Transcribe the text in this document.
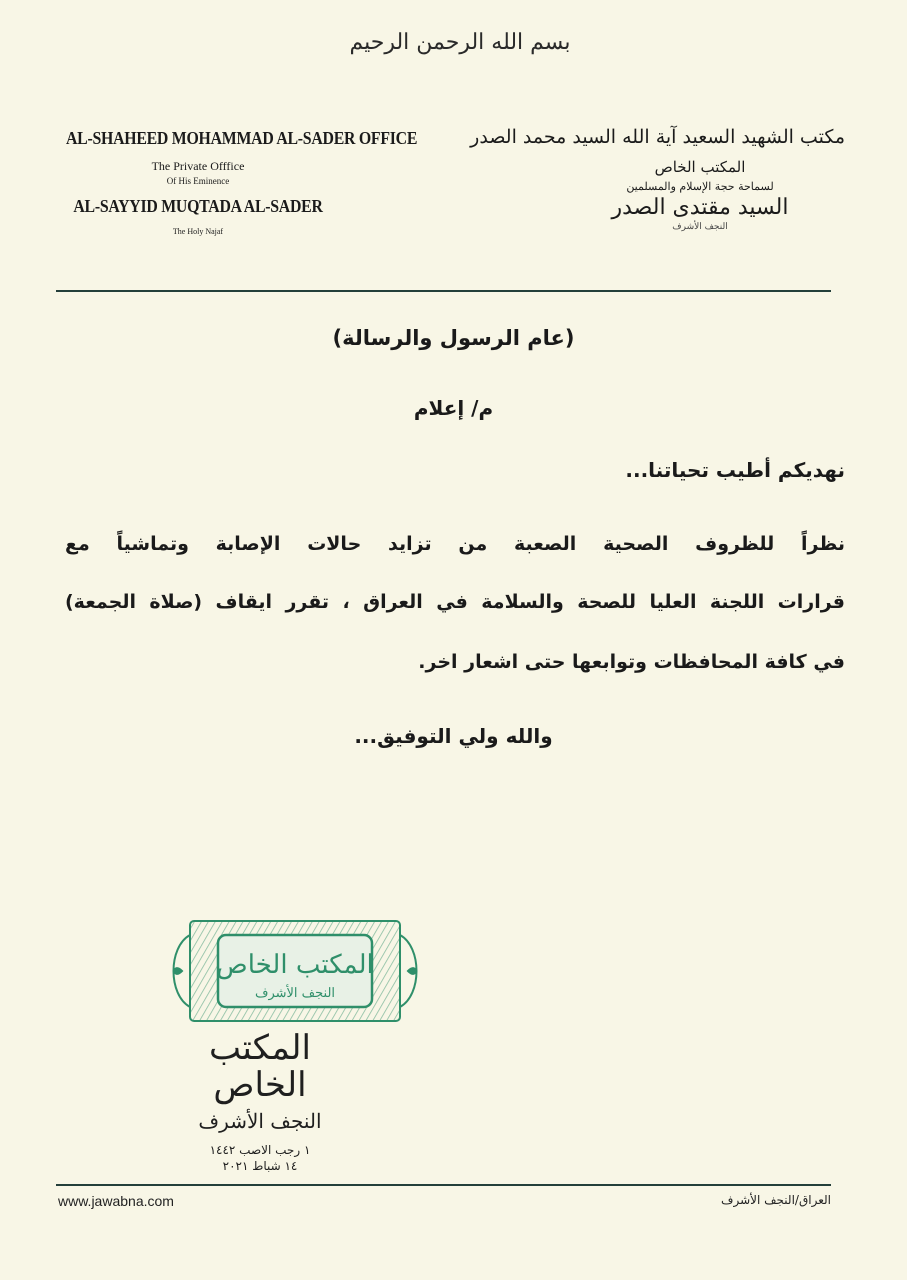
بسم الله الرحمن الرحيم
AL-SHAHEED MOHAMMAD AL-SADER OFFICE
The Private Offfice
Of His Eminence
AL-SAYYID MUQTADA AL-SADER
The Holy Najaf
مكتب الشهيد السعيد آية الله السيد محمد الصدر
المكتب الخاص
لسماحة حجة الإسلام والمسلمين
السيد مقتدى الصدر
النجف الأشرف
(عام الرسول والرسالة)
م/ إعلام
نهديكم أطيب تحياتنا...
نظراً للظروف الصحية الصعبة من تزايد حالات الإصابة وتماشياً مع
قرارات اللجنة العليا للصحة والسلامة في العراق ، تقرر ايقاف (صلاة الجمعة)
في كافة المحافظات وتوابعها حتى اشعار اخر.
والله ولي التوفيق...
المكتب الخاص
النجف الأشرف
المكتب الخاص
النجف الأشرف
١ رجب الاصب ١٤٤٢
١٤ شباط ٢٠٢١
www.jawabna.com	العراق/النجف الأشرف
